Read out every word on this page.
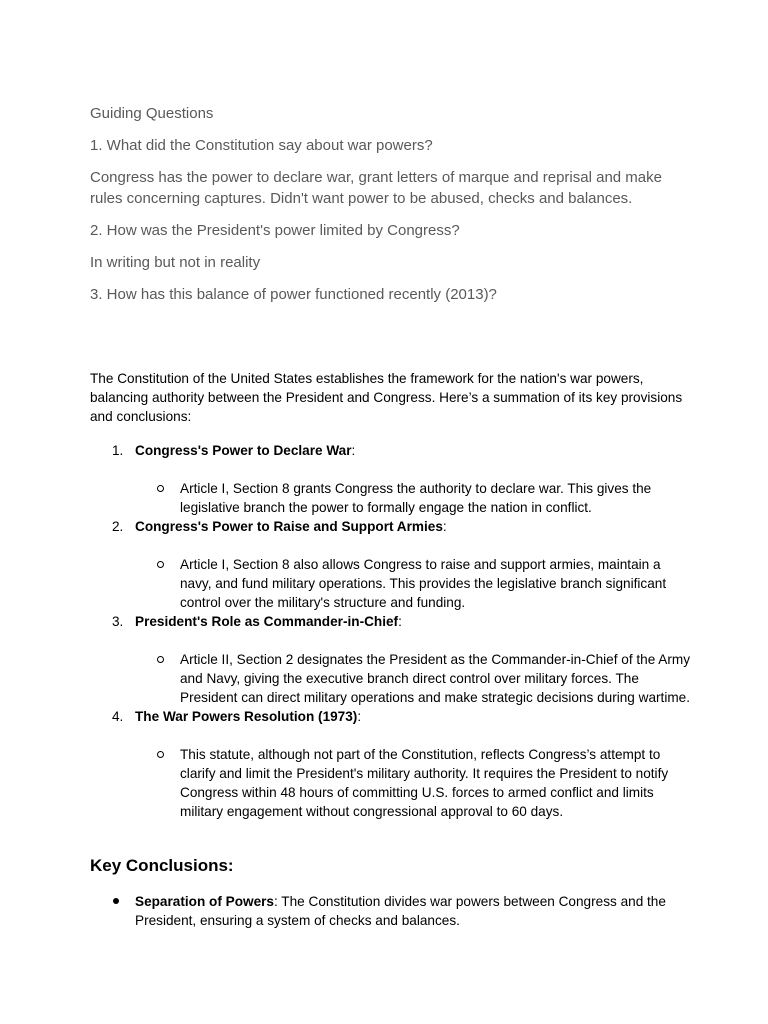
Guiding Questions

1. What did the Constitution say about war powers?

Congress has the power to declare war, grant letters of marque and reprisal and make rules concerning captures. Didn't want power to be abused, checks and balances.

2. How was the President's power limited by Congress?

In writing but not in reality

3. How has this balance of power functioned recently (2013)?

The Constitution of the United States establishes the framework for the nation's war powers, balancing authority between the President and Congress. Here’s a summation of its key provisions and conclusions:

1. Congress's Power to Declare War:
Article I, Section 8 grants Congress the authority to declare war. This gives the legislative branch the power to formally engage the nation in conflict.
2. Congress's Power to Raise and Support Armies:
Article I, Section 8 also allows Congress to raise and support armies, maintain a navy, and fund military operations. This provides the legislative branch significant control over the military's structure and funding.
3. President's Role as Commander-in-Chief:
Article II, Section 2 designates the President as the Commander-in-Chief of the Army and Navy, giving the executive branch direct control over military forces. The President can direct military operations and make strategic decisions during wartime.
4. The War Powers Resolution (1973):
This statute, although not part of the Constitution, reflects Congress’s attempt to clarify and limit the President's military authority. It requires the President to notify Congress within 48 hours of committing U.S. forces to armed conflict and limits military engagement without congressional approval to 60 days.
Key Conclusions:
Separation of Powers: The Constitution divides war powers between Congress and the President, ensuring a system of checks and balances.
